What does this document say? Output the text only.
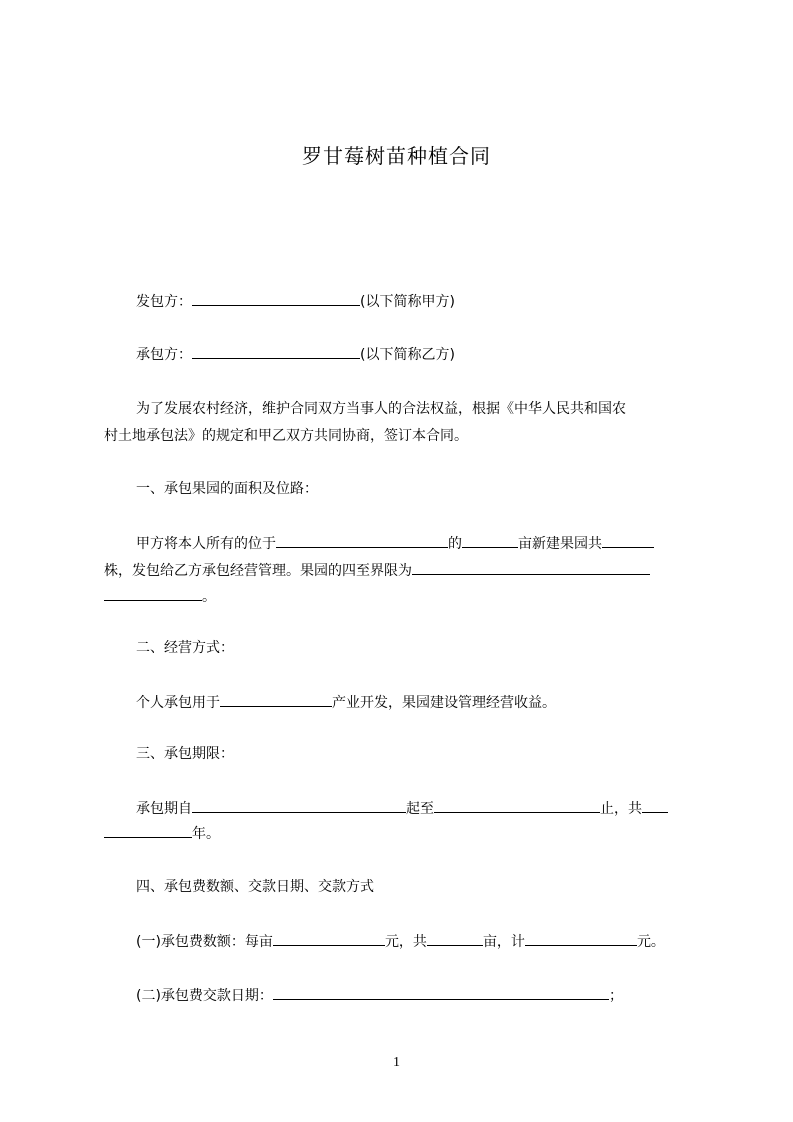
罗甘莓树苗种植合同
发包方：	(以下简称甲方)
承包方：	(以下简称乙方)
为了发展农村经济，维护合同双方当事人的合法权益，根据《中华人民共和国农
村土地承包法》的规定和甲乙双方共同协商，签订本合同。
一、承包果园的面积及位路：
甲方将本人所有的位于	的	亩新建果园共
株，发包给乙方承包经营管理。果园的四至界限为
。
二、经营方式：
个人承包用于	产业开发，果园建设管理经营收益。
三、承包期限：
承包期自	起至	止，共
年。
四、承包费数额、交款日期、交款方式
(一)承包费数额：每亩	元，共	亩，计	元。
(二)承包费交款日期：	；
1
